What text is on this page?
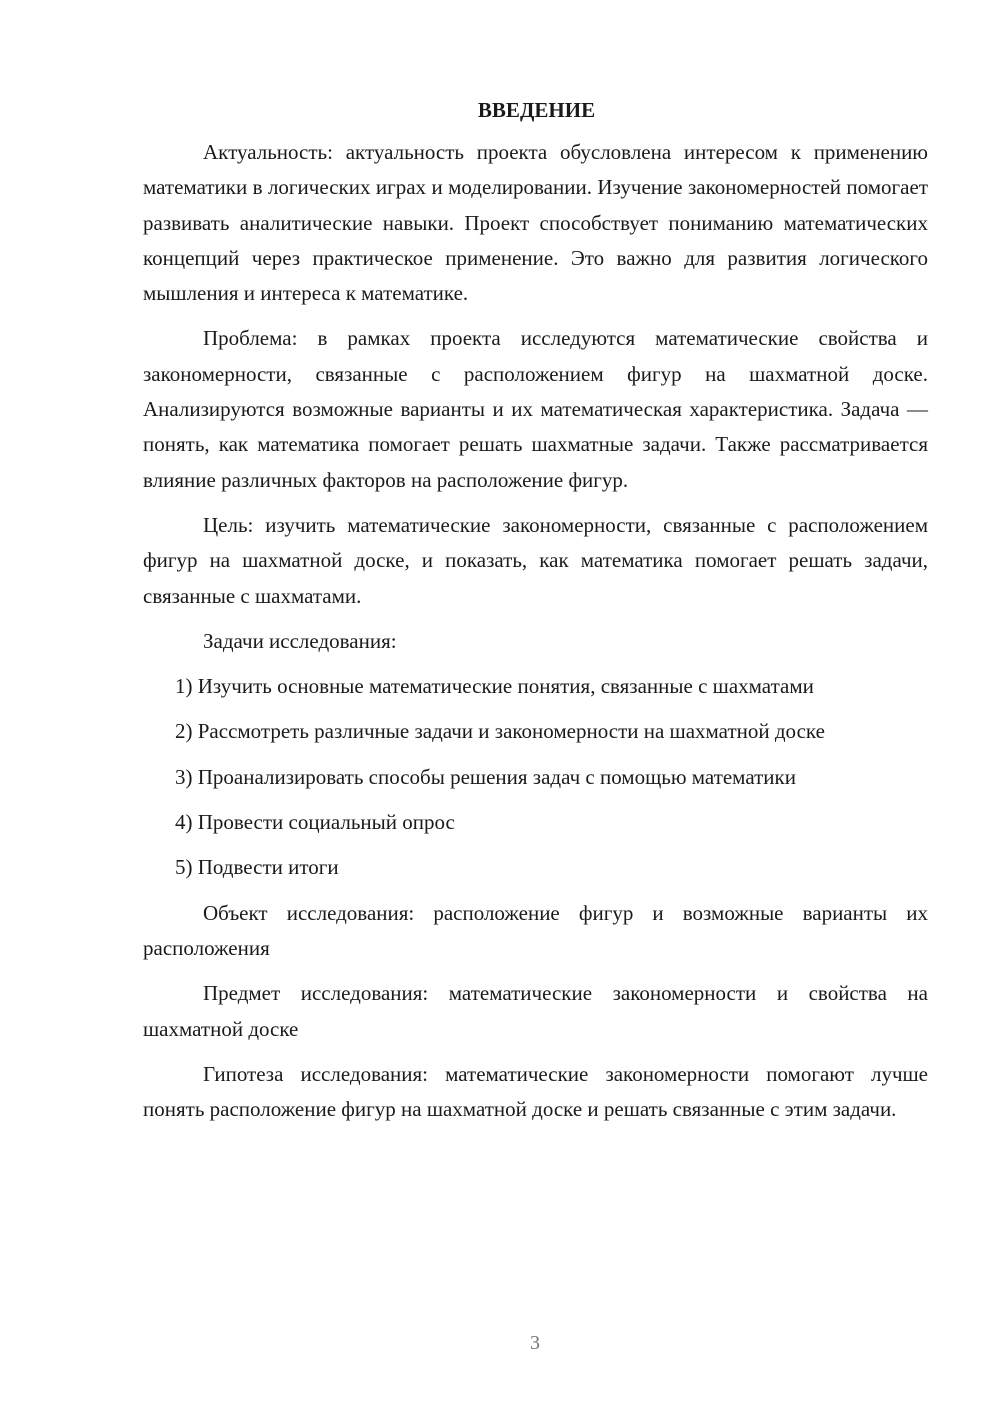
ВВЕДЕНИЕ

Актуальность: актуальность проекта обусловлена интересом к применению математики в логических играх и моделировании. Изучение закономерностей помогает развивать аналитические навыки. Проект способствует пониманию математических концепций через практическое применение. Это важно для развития логического мышления и интереса к математике.

Проблема: в рамках проекта исследуются математические свойства и закономерности, связанные с расположением фигур на шахматной доске. Анализируются возможные варианты и их математическая характеристика. Задача — понять, как математика помогает решать шахматные задачи. Также рассматривается влияние различных факторов на расположение фигур.

Цель: изучить математические закономерности, связанные с расположением фигур на шахматной доске, и показать, как математика помогает решать задачи, связанные с шахматами.

Задачи исследования:

1) Изучить основные математические понятия, связанные с шахматами

2) Рассмотреть различные задачи и закономерности на шахматной доске

3) Проанализировать способы решения задач с помощью математики

4) Провести социальный опрос

5) Подвести итоги

Объект исследования: расположение фигур и возможные варианты их расположения

Предмет исследования: математические закономерности и свойства на шахматной доске

Гипотеза исследования: математические закономерности помогают лучше понять расположение фигур на шахматной доске и решать связанные с этим задачи.

3
